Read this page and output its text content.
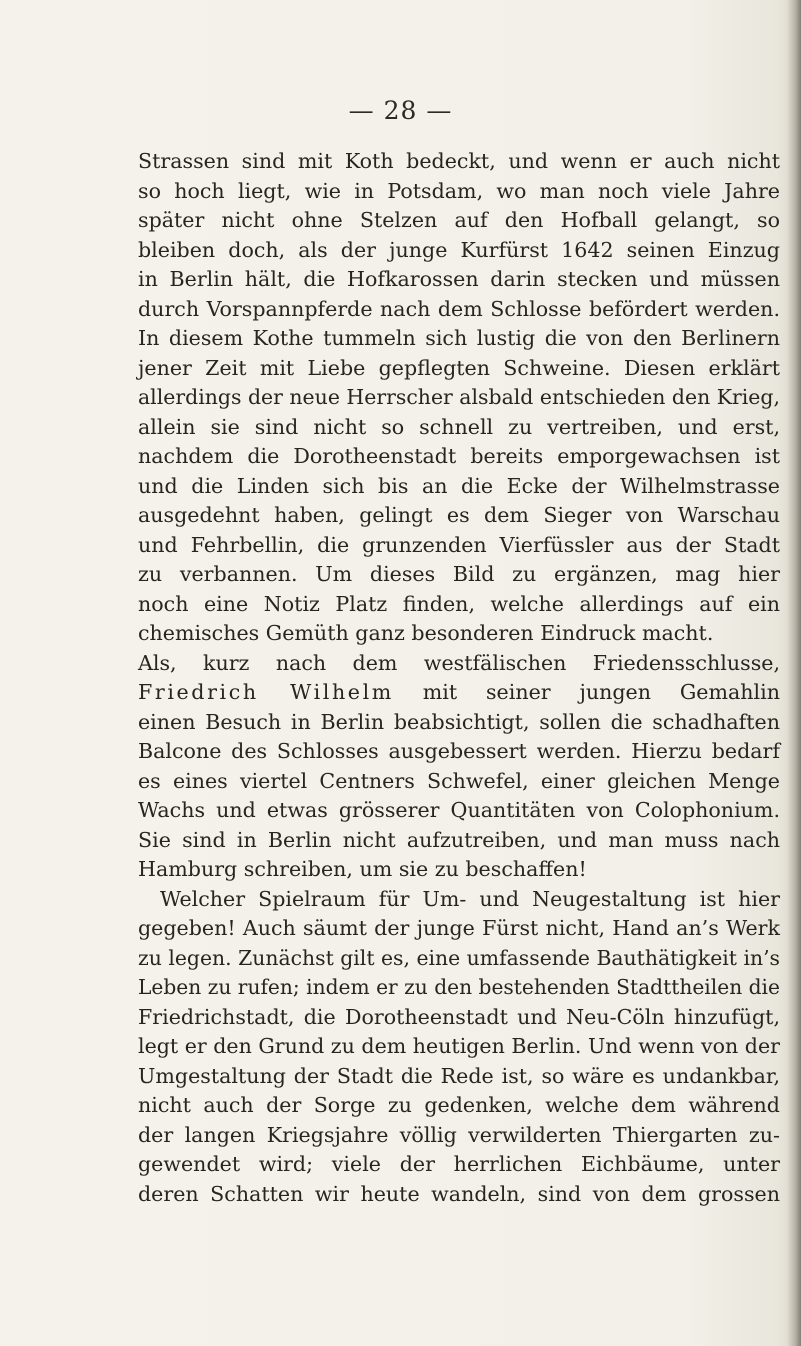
— 28 —
Strassen sind mit Koth bedeckt, und wenn er auch nicht
so hoch liegt, wie in Potsdam, wo man noch viele Jahre
später nicht ohne Stelzen auf den Hofball gelangt, so
bleiben doch, als der junge Kurfürst 1642 seinen Einzug
in Berlin hält, die Hofkarossen darin stecken und müssen
durch Vorspannpferde nach dem Schlosse befördert werden.
In diesem Kothe tummeln sich lustig die von den Berlinern
jener Zeit mit Liebe gepflegten Schweine. Diesen erklärt
allerdings der neue Herrscher alsbald entschieden den Krieg,
allein sie sind nicht so schnell zu vertreiben, und erst,
nachdem die Dorotheenstadt bereits emporgewachsen ist
und die Linden sich bis an die Ecke der Wilhelmstrasse
ausgedehnt haben, gelingt es dem Sieger von Warschau
und Fehrbellin, die grunzenden Vierfüssler aus der Stadt
zu verbannen. Um dieses Bild zu ergänzen, mag hier
noch eine Notiz Platz finden, welche allerdings auf ein
chemisches Gemüth ganz besonderen Eindruck macht.
Als, kurz nach dem westfälischen Friedensschlusse,
Friedrich Wilhelm mit seiner jungen Gemahlin
einen Besuch in Berlin beabsichtigt, sollen die schadhaften
Balcone des Schlosses ausgebessert werden. Hierzu bedarf
es eines viertel Centners Schwefel, einer gleichen Menge
Wachs und etwas grösserer Quantitäten von Colophonium.
Sie sind in Berlin nicht aufzutreiben, und man muss nach
Hamburg schreiben, um sie zu beschaffen!
Welcher Spielraum für Um- und Neugestaltung ist hier
gegeben! Auch säumt der junge Fürst nicht, Hand an’s Werk
zu legen. Zunächst gilt es, eine umfassende Bauthätigkeit in’s
Leben zu rufen; indem er zu den bestehenden Stadttheilen die
Friedrichstadt, die Dorotheenstadt und Neu-Cöln hinzufügt,
legt er den Grund zu dem heutigen Berlin. Und wenn von der
Umgestaltung der Stadt die Rede ist, so wäre es undankbar,
nicht auch der Sorge zu gedenken, welche dem während
der langen Kriegsjahre völlig verwilderten Thiergarten zu-
gewendet wird; viele der herrlichen Eichbäume, unter
deren Schatten wir heute wandeln, sind von dem grossen
